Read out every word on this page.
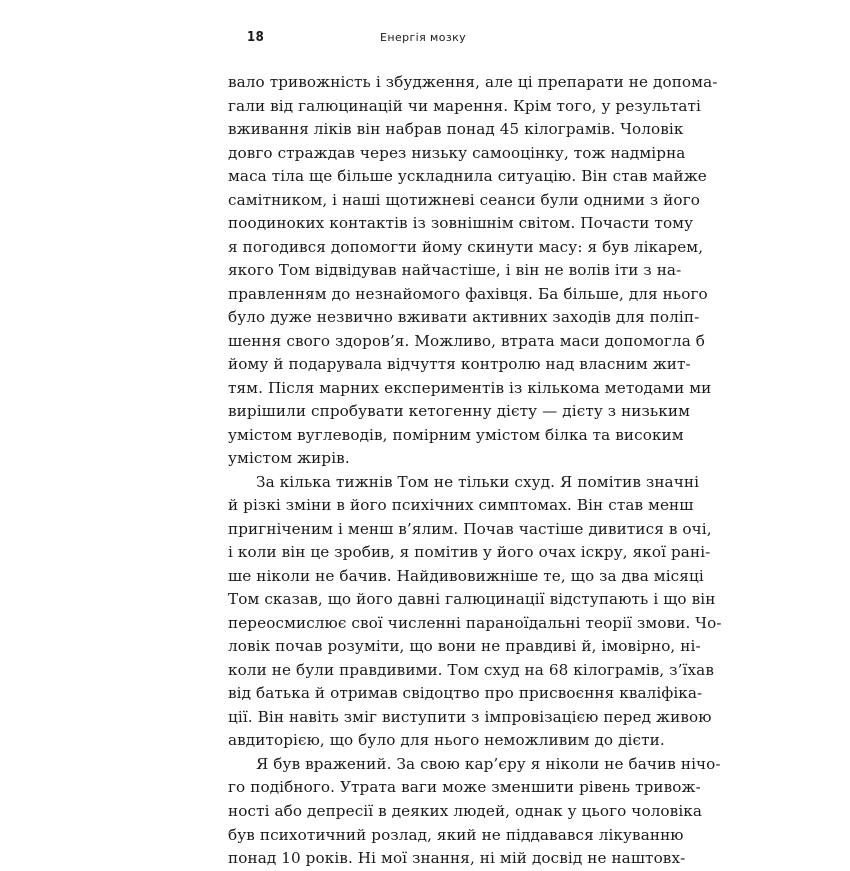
18	Енергія мозку
вало тривожність і збудження, але ці препарати не допома-
гали від галюцинацій чи марення. Крім того, у результаті
вживання ліків він набрав понад 45 кілограмів. Чоловік
довго страждав через низьку самооцінку, тож надмірна
маса тіла ще більше ускладнила ситуацію. Він став майже
самітником, і наші щотижневі сеанси були одними з його
поодиноких контактів із зовнішнім світом. Почасти тому
я погодився допомогти йому скинути масу: я був лікарем,
якого Том відвідував найчастіше, і він не волів іти з на-
правленням до незнайомого фахівця. Ба більше, для нього
було дуже незвично вживати активних заходів для поліп-
шення свого здоров’я. Можливо, втрата маси допомогла б
йому й подарувала відчуття контролю над власним жит-
тям. Після марних експериментів із кількома методами ми
вирішили спробувати кетогенну дієту — дієту з низьким
умістом вуглеводів, помірним умістом білка та високим
умістом жирів.
За кілька тижнів Том не тільки схуд. Я помітив значні
й різкі зміни в його психічних симптомах. Він став менш
пригніченим і менш в’ялим. Почав частіше дивитися в очі,
і коли він це зробив, я помітив у його очах іскру, якої рані-
ше ніколи не бачив. Найдивовижніше те, що за два місяці
Том сказав, що його давні галюцинації відступають і що він
переосмислює свої численні параноїдальні теорії змови. Чо-
ловік почав розуміти, що вони не правдиві й, імовірно, ні-
коли не були правдивими. Том схуд на 68 кілограмів, з’їхав
від батька й отримав свідоцтво про присвоєння кваліфіка-
ції. Він навіть зміг виступити з імпровізацією перед живою
авдиторією, що було для нього неможливим до дієти.
Я був вражений. За свою кар’єру я ніколи не бачив нічо-
го подібного. Утрата ваги може зменшити рівень тривож-
ності або депресії в деяких людей, однак у цього чоловіка
був психотичний розлад, який не піддавався лікуванню
понад 10 років. Ні мої знання, ні мій досвід не наштовх-
